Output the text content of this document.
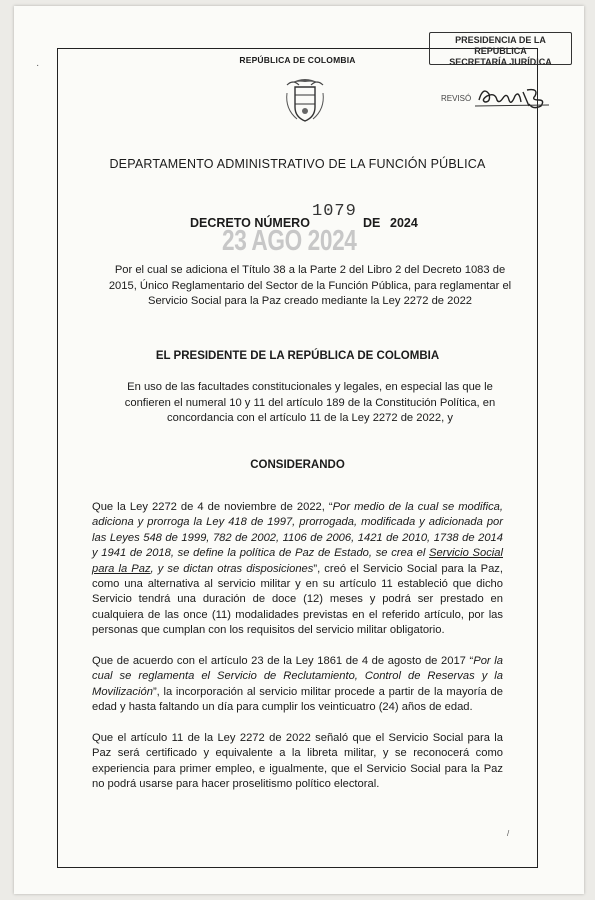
·	REPÚBLICA DE COLOMBIA
PRESIDENCIA DE LA REPUBLICA
SECRETARÍA JURÍDICA
REVISÓ
DEPARTAMENTO ADMINISTRATIVO DE LA FUNCIÓN PÚBLICA
DECRETO NÚMERO
1079
DE 2024
23 AGO 2024
Por el cual se adiciona el Título 38 a la Parte 2 del Libro 2 del Decreto 1083 de 2015, Único Reglamentario del Sector de la Función Pública, para reglamentar el Servicio Social para la Paz creado mediante la Ley 2272 de 2022
EL PRESIDENTE DE LA REPÚBLICA DE COLOMBIA
En uso de las facultades constitucionales y legales, en especial las que le confieren el numeral 10 y 11 del artículo 189 de la Constitución Política, en concordancia con el artículo 11 de la Ley 2272 de 2022, y
CONSIDERANDO
Que la Ley 2272 de 4 de noviembre de 2022, “Por medio de la cual se modifica, adiciona y prorroga la Ley 418 de 1997, prorrogada, modificada y adicionada por las Leyes 548 de 1999, 782 de 2002, 1106 de 2006, 1421 de 2010, 1738 de 2014 y 1941 de 2018, se define la política de Paz de Estado, se crea el Servicio Social para la Paz, y se dictan otras disposiciones”, creó el Servicio Social para la Paz, como una alternativa al servicio militar y en su artículo 11 estableció que dicho Servicio tendrá una duración de doce (12) meses y podrá ser prestado en cualquiera de las once (11) modalidades previstas en el referido artículo, por las personas que cumplan con los requisitos del servicio militar obligatorio.
Que de acuerdo con el artículo 23 de la Ley 1861 de 4 de agosto de 2017 “Por la cual se reglamenta el Servicio de Reclutamiento, Control de Reservas y la Movilización”, la incorporación al servicio militar procede a partir de la mayoría de edad y hasta faltando un día para cumplir los veinticuatro (24) años de edad.
Que el artículo 11 de la Ley 2272 de 2022 señaló que el Servicio Social para la Paz será certificado y equivalente a la libreta militar, y se reconocerá como experiencia para primer empleo, e igualmente, que el Servicio Social para la Paz no podrá usarse para hacer proselitismo político electoral.
/
